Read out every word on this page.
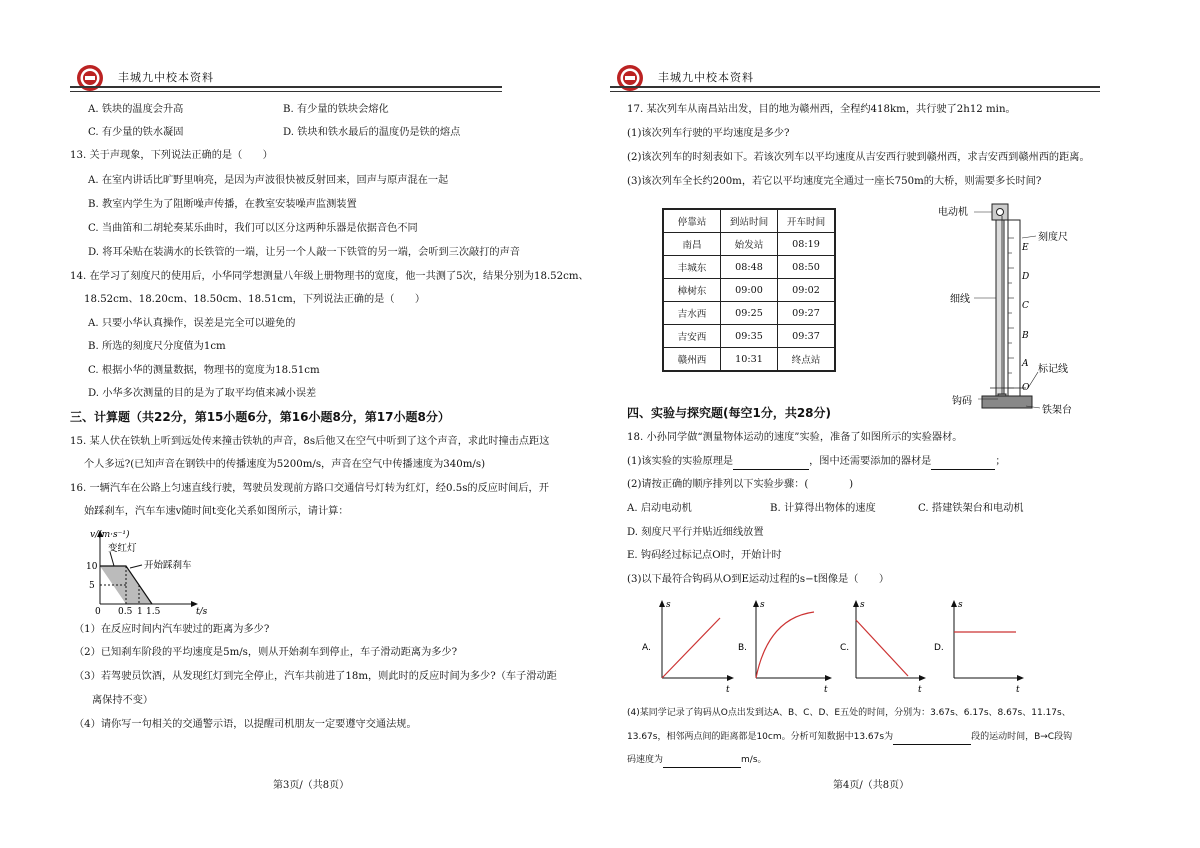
丰城九中校本资料
A. 铁块的温度会升高	B. 有少量的铁块会熔化
C. 有少量的铁水凝固	D. 铁块和铁水最后的温度仍是铁的熔点
13. 关于声现象，下列说法正确的是（　　）
A. 在室内讲话比旷野里响亮，是因为声波很快被反射回来，回声与原声混在一起
B. 教室内学生为了阻断噪声传播，在教室安装噪声监测装置
C. 当曲笛和二胡轮奏某乐曲时，我们可以区分这两种乐器是依据音色不同
D. 将耳朵贴在装满水的长铁管的一端，让另一个人敲一下铁管的另一端，会听到三次敲打的声音
14. 在学习了刻度尺的使用后，小华同学想测量八年级上册物理书的宽度，他一共测了5次，结果分别为18.52cm、
18.52cm、18.20cm、18.50cm、18.51cm，下列说法正确的是（　　）
A. 只要小华认真操作，误差是完全可以避免的
B. 所选的刻度尺分度值为1cm
C. 根据小华的测量数据，物理书的宽度为18.51cm
D. 小华多次测量的目的是为了取平均值来减小误差
三、计算题（共22分，第15小题6分，第16小题8分，第17小题8分）
15. 某人伏在铁轨上听到远处传来撞击铁轨的声音，8s后他又在空气中听到了这个声音，求此时撞击点距这
个人多远?(已知声音在钢铁中的传播速度为5200m/s，声音在空气中传播速度为340m/s)
16. 一辆汽车在公路上匀速直线行驶，驾驶员发现前方路口交通信号灯转为红灯，经0.5s的反应时间后，开
始踩刹车，汽车车速v随时间t变化关系如图所示，请计算：
v/(m·s⁻¹)
t/s
10
5
0 0.5 1 1.5
变红灯
开始踩刹车
（1）在反应时间内汽车驶过的距离为多少?
（2）已知刹车阶段的平均速度是5m/s，则从开始刹车到停止，车子滑动距离为多少?
（3）若驾驶员饮酒，从发现红灯到完全停止，汽车共前进了18m，则此时的反应时间为多少?（车子滑动距
离保持不变）
（4）请你写一句相关的交通警示语，以提醒司机朋友一定要遵守交通法规。
第3页/（共8页）
丰城九中校本资料
17. 某次列车从南昌站出发，目的地为赣州西，全程约418km，共行驶了2h12 min。
(1)该次列车行驶的平均速度是多少?
(2)该次列车的时刻表如下。若该次列车以平均速度从吉安西行驶到赣州西，求吉安西到赣州西的距离。
(3)该次列车全长约200m，若它以平均速度完全通过一座长750m的大桥，则需要多长时间?
停靠站	到站时间	开车时间
南昌	始发站	08:19
丰城东	08:48	08:50
樟树东	09:00	09:02
吉水西	09:25	09:27
吉安西	09:35	09:37
赣州西	10:31	终点站
电动机
刻度尺
细线
标记线
钩码
铁架台
E
D
C
B
A
O
四、实验与探究题(每空1分，共28分)
18. 小孙同学做“测量物体运动的速度”实验，准备了如图所示的实验器材。
(1)该实验的实验原理是	，图中还需要添加的器材是	；
(2)请按正确的顺序排列以下实验步骤：(　　　　)
A. 启动电动机	B. 计算得出物体的速度	C. 搭建铁架台和电动机
D. 刻度尺平行并贴近细线放置
E. 钩码经过标记点O时，开始计时
(3)以下最符合钩码从O到E运动过程的s−t图像是（　　）
A.
s
t
B.
s
t
C.
s
t
D.
s
t
(4)某同学记录了钩码从O点出发到达A、B、C、D、E五处的时间，分别为：3.67s、6.17s、8.67s、11.17s、
13.67s，相邻两点间的距离都是10cm。分析可知数据中13.67s为	段的运动时间，B→C段钩
码速度为	m/s。
第4页/（共8页）
